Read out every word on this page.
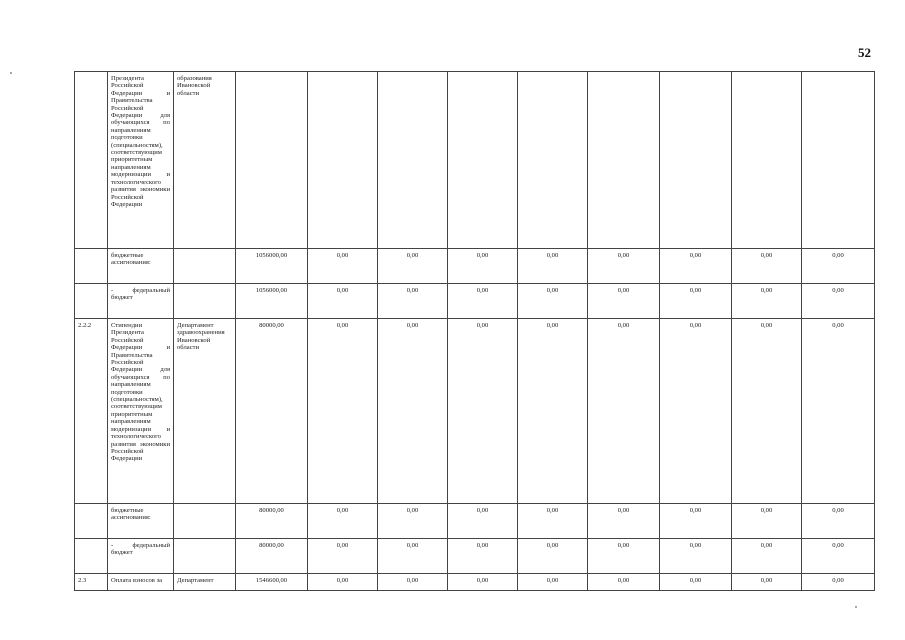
52
	Президента Российской Федерации и Правительства Российской Федерации для обучающихся по направлениям подготовки (специальностям), соответствующим приоритетным направлениям модернизации и технологического развития экономики Российской Федерации	образования Ивановской области									
	бюджетные ассигнования:		1056000,00	0,00	0,00	0,00	0,00	0,00	0,00	0,00	0,00
	- федеральный бюджет		1056000,00	0,00	0,00	0,00	0,00	0,00	0,00	0,00	0,00
2.2.2	Стипендии Президента Российской Федерации и Правительства Российской Федерации для обучающихся по направлениям подготовки (специальностям), соответствующим приоритетным направлениям модернизации и технологического развития экономики Российской Федерации	Департамент здравоохранения Ивановской области	80000,00	0,00	0,00	0,00	0,00	0,00	0,00	0,00	0,00
	бюджетные ассигнования:		80000,00	0,00	0,00	0,00	0,00	0,00	0,00	0,00	0,00
	- федеральный бюджет		80000,00	0,00	0,00	0,00	0,00	0,00	0,00	0,00	0,00
2.3	Оплата взносов за	Департамент	1546600,00	0,00	0,00	0,00	0,00	0,00	0,00	0,00	0,00
